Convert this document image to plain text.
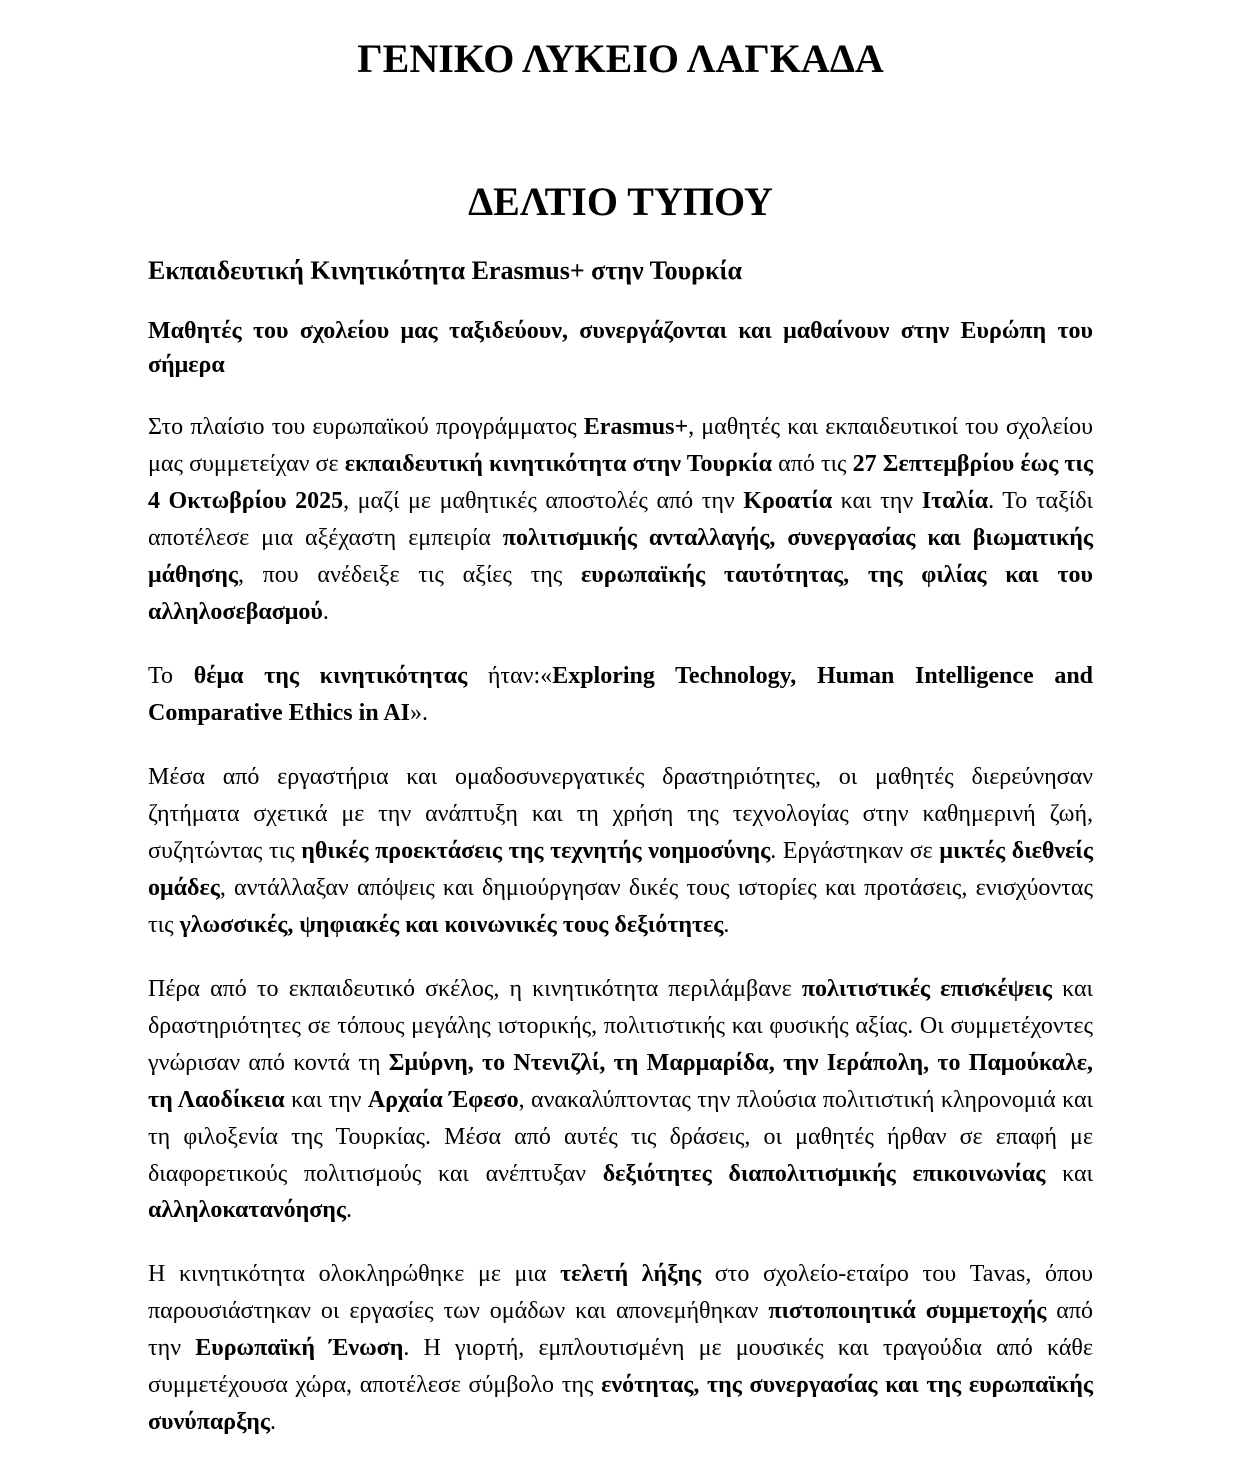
ΓΕΝΙΚΟ ΛΥΚΕΙΟ ΛΑΓΚΑΔΑ
ΔΕΛΤΙΟ ΤΥΠΟΥ
Εκπαιδευτική Κινητικότητα Erasmus+ στην Τουρκία

Μαθητές του σχολείου μας ταξιδεύουν, συνεργάζονται και μαθαίνουν στην Ευρώπη του σήμερα

Στο πλαίσιο του ευρωπαϊκού προγράμματος Erasmus+, μαθητές και εκπαιδευτικοί του σχολείου μας συμμετείχαν σε εκπαιδευτική κινητικότητα στην Τουρκία από τις 27 Σεπτεμβρίου έως τις 4 Οκτωβρίου 2025, μαζί με μαθητικές αποστολές από την Κροατία και την Ιταλία. Το ταξίδι αποτέλεσε μια αξέχαστη εμπειρία πολιτισμικής ανταλλαγής, συνεργασίας και βιωματικής μάθησης, που ανέδειξε τις αξίες της ευρωπαϊκής ταυτότητας, της φιλίας και του αλληλοσεβασμού.

Το θέμα της κινητικότητας ήταν:«Exploring Technology, Human Intelligence and Comparative Ethics in AI».

Μέσα από εργαστήρια και ομαδοσυνεργατικές δραστηριότητες, οι μαθητές διερεύνησαν ζητήματα σχετικά με την ανάπτυξη και τη χρήση της τεχνολογίας στην καθημερινή ζωή, συζητώντας τις ηθικές προεκτάσεις της τεχνητής νοημοσύνης. Εργάστηκαν σε μικτές διεθνείς ομάδες, αντάλλαξαν απόψεις και δημιούργησαν δικές τους ιστορίες και προτάσεις, ενισχύοντας τις γλωσσικές, ψηφιακές και κοινωνικές τους δεξιότητες.

Πέρα από το εκπαιδευτικό σκέλος, η κινητικότητα περιλάμβανε πολιτιστικές επισκέψεις και δραστηριότητες σε τόπους μεγάλης ιστορικής, πολιτιστικής και φυσικής αξίας. Οι συμμετέχοντες γνώρισαν από κοντά τη Σμύρνη, το Ντενιζλί, τη Μαρμαρίδα, την Ιεράπολη, το Παμούκαλε, τη Λαοδίκεια και την Αρχαία Έφεσο, ανακαλύπτοντας την πλούσια πολιτιστική κληρονομιά και τη φιλοξενία της Τουρκίας. Μέσα από αυτές τις δράσεις, οι μαθητές ήρθαν σε επαφή με διαφορετικούς πολιτισμούς και ανέπτυξαν δεξιότητες διαπολιτισμικής επικοινωνίας και αλληλοκατανόησης.

Η κινητικότητα ολοκληρώθηκε με μια τελετή λήξης στο σχολείο-εταίρο του Tavas, όπου παρουσιάστηκαν οι εργασίες των ομάδων και απονεμήθηκαν πιστοποιητικά συμμετοχής από την Ευρωπαϊκή Ένωση. Η γιορτή, εμπλουτισμένη με μουσικές και τραγούδια από κάθε συμμετέχουσα χώρα, αποτέλεσε σύμβολο της ενότητας, της συνεργασίας και της ευρωπαϊκής συνύπαρξης.
